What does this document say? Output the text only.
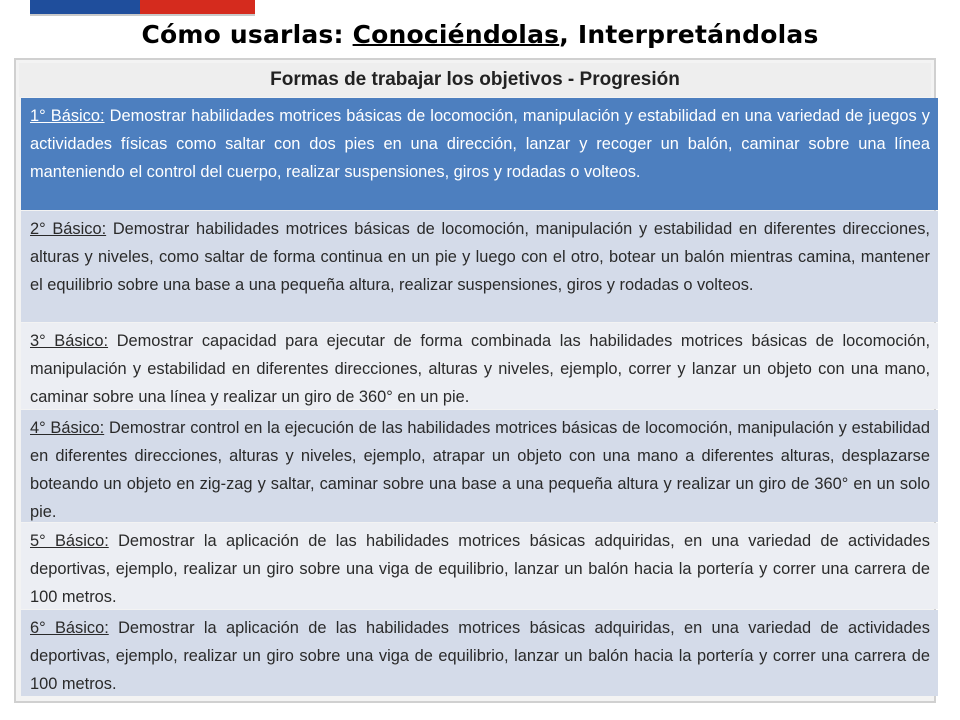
Cómo usarlas: Conociéndolas, Interpretándolas
Formas de trabajar los objetivos - Progresión
1° Básico: Demostrar habilidades motrices básicas de locomoción, manipulación y estabilidad en una variedad de juegos y actividades físicas como saltar con dos pies en una dirección, lanzar y recoger un balón, caminar sobre una línea manteniendo el control del cuerpo, realizar suspensiones, giros y rodadas o volteos.
2° Básico: Demostrar habilidades motrices básicas de locomoción, manipulación y estabilidad en diferentes direcciones, alturas y niveles, como saltar de forma continua en un pie y luego con el otro, botear un balón mientras camina, mantener el equilibrio sobre una base a una pequeña altura, realizar suspensiones, giros y rodadas o volteos.
3° Básico: Demostrar capacidad para ejecutar de forma combinada las habilidades motrices básicas de locomoción, manipulación y estabilidad en diferentes direcciones, alturas y niveles, ejemplo, correr y lanzar un objeto con una mano, caminar sobre una línea y realizar un giro de 360° en un pie.
4° Básico: Demostrar control en la ejecución de las habilidades motrices básicas de locomoción, manipulación y estabilidad en diferentes direcciones, alturas y niveles, ejemplo, atrapar un objeto con una mano a diferentes alturas, desplazarse boteando un objeto en zig-zag y saltar, caminar sobre una base a una pequeña altura y realizar un giro de 360° en un solo pie.
5° Básico: Demostrar la aplicación de las habilidades motrices básicas adquiridas, en una variedad de actividades deportivas, ejemplo, realizar un giro sobre una viga de equilibrio, lanzar un balón hacia la portería y correr una carrera de 100 metros.
6° Básico: Demostrar la aplicación de las habilidades motrices básicas adquiridas, en una variedad de actividades deportivas, ejemplo, realizar un giro sobre una viga de equilibrio, lanzar un balón hacia la portería y correr una carrera de 100 metros.
